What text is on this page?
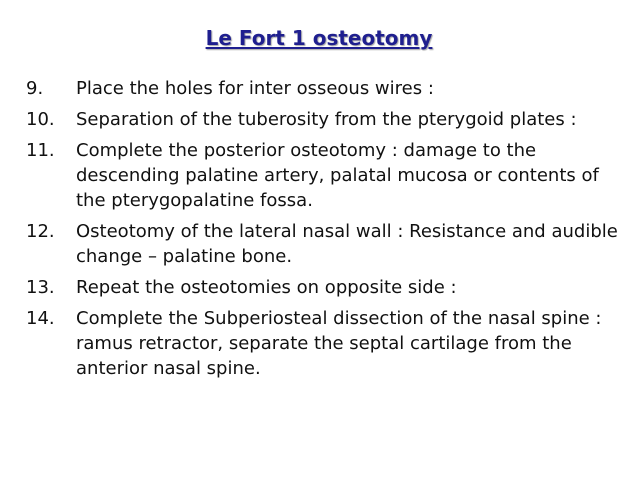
Le Fort 1 osteotomy
9.	Place the holes for inter osseous wires :
10.	Separation of the tuberosity from the pterygoid plates :
11.	Complete the posterior osteotomy : damage to the descending palatine artery, palatal mucosa or contents of the pterygopalatine fossa.
12.	Osteotomy of the lateral nasal wall : Resistance and audible change – palatine bone.
13.	Repeat the osteotomies on opposite side :
14.	Complete the Subperiosteal dissection of the nasal spine : ramus retractor, separate the septal cartilage from the anterior nasal spine.
